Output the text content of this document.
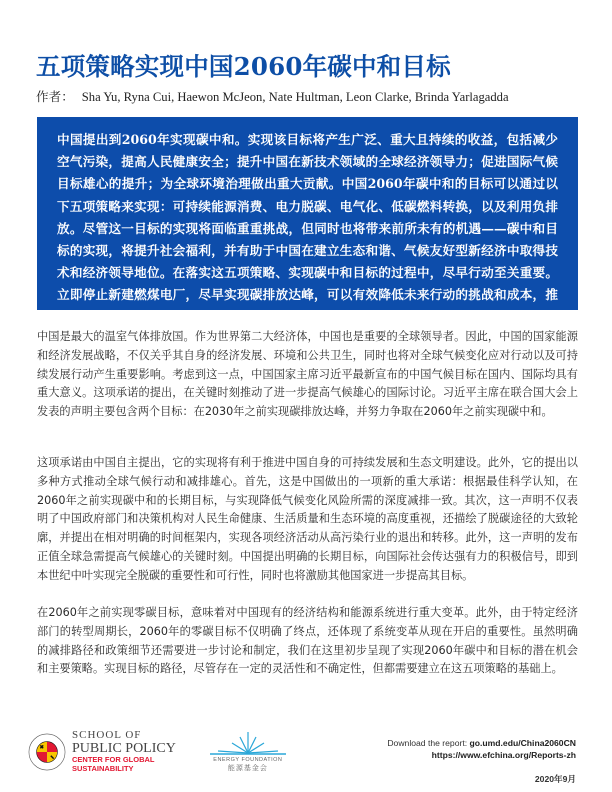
五项策略实现中国2060年碳中和目标
作者： Sha Yu, Ryna Cui, Haewon McJeon, Nate Hultman, Leon Clarke, Brinda Yarlagadda

中国提出到2060年实现碳中和。实现该目标将产生广泛、重大且持续的收益，包括减少空气污染，提高人民健康安全；提升中国在新技术领域的全球经济领导力；促进国际气候目标雄心的提升；为全球环境治理做出重大贡献。中国2060年碳中和的目标可以通过以下五项策略来实现：可持续能源消费、电力脱碳、电气化、低碳燃料转换，以及利用负排放。尽管这一目标的实现将面临重重挑战，但同时也将带来前所未有的机遇——碳中和目标的实现，将提升社会福利，并有助于中国在建立生态和谐、气候友好型新经济中取得技术和经济领导地位。在落实这五项策略、实现碳中和目标的过程中，尽早行动至关重要。立即停止新建燃煤电厂，尽早实现碳排放达峰，可以有效降低未来行动的挑战和成本，推动碳中和目标的实现。

中国是最大的温室气体排放国。作为世界第二大经济体，中国也是重要的全球领导者。因此，中国的国家能源和经济发展战略，不仅关乎其自身的经济发展、环境和公共卫生，同时也将对全球气候变化应对行动以及可持续发展行动产生重要影响。考虑到这一点，中国国家主席习近平最新宣布的中国气候目标在国内、国际均具有重大意义。这项承诺的提出，在关键时刻推动了进一步提高气候雄心的国际讨论。习近平主席在联合国大会上发表的声明主要包含两个目标：在2030年之前实现碳排放达峰，并努力争取在2060年之前实现碳中和。

这项承诺由中国自主提出，它的实现将有利于推进中国自身的可持续发展和生态文明建设。此外，它的提出以多种方式推动全球气候行动和减排雄心。首先，这是中国做出的一项新的重大承诺：根据最佳科学认知，在2060年之前实现碳中和的长期目标，与实现降低气候变化风险所需的深度减排一致。其次，这一声明不仅表明了中国政府部门和决策机构对人民生命健康、生活质量和生态环境的高度重视，还描绘了脱碳途径的大致轮廓，并提出在相对明确的时间框架内，实现各项经济活动从高污染行业的退出和转移。此外，这一声明的发布正值全球急需提高气候雄心的关键时刻。中国提出明确的长期目标，向国际社会传达强有力的积极信号，即到本世纪中叶实现完全脱碳的重要性和可行性，同时也将激励其他国家进一步提高其目标。

在2060年之前实现零碳目标，意味着对中国现有的经济结构和能源系统进行重大变革。此外，由于特定经济部门的转型周期长，2060年的零碳目标不仅明确了终点，还体现了系统变革从现在开启的重要性。虽然明确的减排路径和政策细节还需要进一步讨论和制定，我们在这里初步呈现了实现2060年碳中和目标的潜在机会和主要策略。实现目标的路径，尽管存在一定的灵活性和不确定性，但都需要建立在这五项策略的基础上。

SCHOOL OF
PUBLIC POLICY
CENTER FOR GLOBAL
SUSTAINABILITY
ENERGY FOUNDATION
能源基金会
Download the report: go.umd.edu/China2060CN
https://www.efchina.org/Reports-zh
2020年9月
